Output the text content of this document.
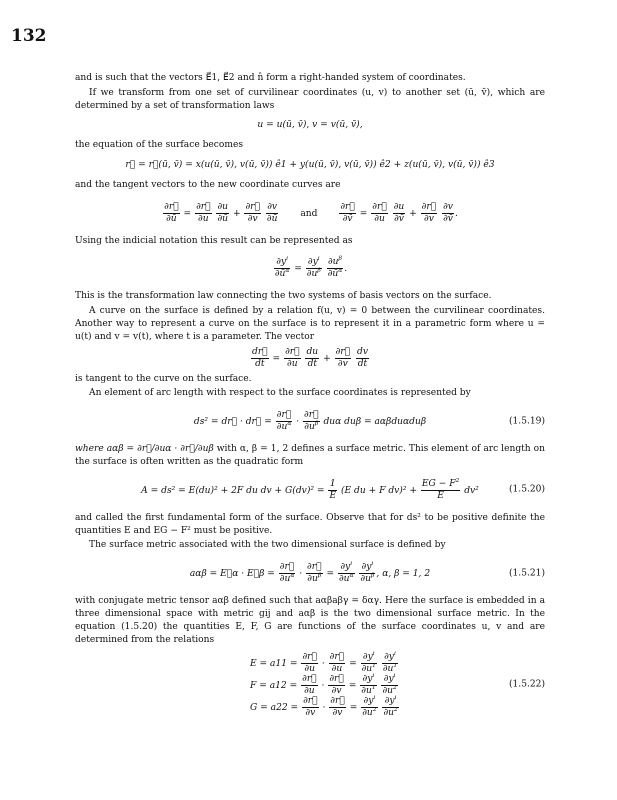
132

and is such that the vectors E⃗1, E⃗2 and n̂ form a right-handed system of coordinates.

If we transform from one set of curvilinear coordinates (u, v) to another set (ū, v̄), which are determined by a set of transformation laws

u = u(ū, v̄), v = v(ū, v̄),

the equation of the surface becomes

r⃗ = r⃗(ū, v̄) = x(u(ū, v̄), v(ū, v̄)) ê1 + y(u(ū, v̄), v(ū, v̄)) ê2 + z(u(ū, v̄), v(ū, v̄)) ê3

and the tangent vectors to the new coordinate curves are

$\frac{\partial r⃗}{\partial ū} = \frac{\partial r⃗}{\partial u}$
$\frac{\partial u}{\partial ū} + \frac{\partial r⃗}{\partial v}$
$\frac{\partial v}{\partial ū}$ and $\frac{\partial r⃗}{\partial v̄} = \frac{\partial r⃗}{\partial u}$
$\frac{\partial u}{\partial v̄} + \frac{\partial r⃗}{\partial v}$
$\frac{\partial v}{\partial v̄}$ .

Using the indicial notation this result can be represented as

$\frac{\partial y^i}{\partial ū^\alpha} = \frac{\partial y^i}{\partial u^\beta}$
$\frac{\partial u^\beta}{\partial ū^\alpha}$ .

This is the transformation law connecting the two systems of basis vectors on the surface.

A curve on the surface is defined by a relation f(u, v) = 0 between the curvilinear coordinates. Another way to represent a curve on the surface is to represent it in a parametric form where u = u(t) and v = v(t), where t is a parameter. The vector

$\frac{dr⃗}{dt} = \frac{\partial r⃗}{\partial u}$
$\frac{du}{dt} + \frac{\partial r⃗}{\partial v}$
$\frac{dv}{dt}$

is tangent to the curve on the surface.

An element of arc length with respect to the surface coordinates is represented by

ds² = dr⃗ · dr⃗ = $\frac{\partial r⃗}{\partial u^\alpha} \cdot \frac{\partial r⃗}{\partial u^\beta}$ duα duβ = aαβduαduβ	(1.5.19)

where aαβ = ∂r⃗/∂uα · ∂r⃗/∂uβ with α, β = 1, 2 defines a surface metric. This element of arc length on the surface is often written as the quadratic form

A = ds² = E(du)² + 2F du dv + $G(dv)^2 = \frac{1}{E} (E$ du + F $dv)^2 + \frac{EG - F^2}{E} dv^2$	(1.5.20)

and called the first fundamental form of the surface. Observe that for ds² to be positive definite the quantities E and EG − F² must be positive.

The surface metric associated with the two dimensional surface is defined by

aαβ = E⃗α · E⃗β = $\frac{\partial r⃗}{\partial u^\alpha} \cdot \frac{\partial r⃗}{\partial u^\beta} = \frac{\partial y^i}{\partial u^\alpha}$
$\frac{\partial y^i}{\partial u^\beta}$ , α, β = 1, 2	(1.5.21)

with conjugate metric tensor aαβ defined such that aαβaβγ = δαγ. Here the surface is embedded in a three dimensional space with metric gij and aαβ is the two dimensional surface metric. In the equation (1.5.20) the quantities E, F, G are functions of the surface coordinates u, v and are determined from the relations

$E = a11 = \frac{\partial r⃗}{\partial u} \cdot \frac{\partial r⃗}{\partial u} = \frac{\partial y^i}{\partial u^1}$
$\frac{\partial y^i}{\partial u^1}$
$F = a12 = \frac{\partial r⃗}{\partial u} \cdot \frac{\partial r⃗}{\partial v} = \frac{\partial y^i}{\partial u^1}$
$\frac{\partial y^i}{\partial u^2}$
$G = a22 = \frac{\partial r⃗}{\partial v} \cdot \frac{\partial r⃗}{\partial v} = \frac{\partial y^i}{\partial u^2}$
$\frac{\partial y^i}{\partial u^2}$
(1.5.22)
